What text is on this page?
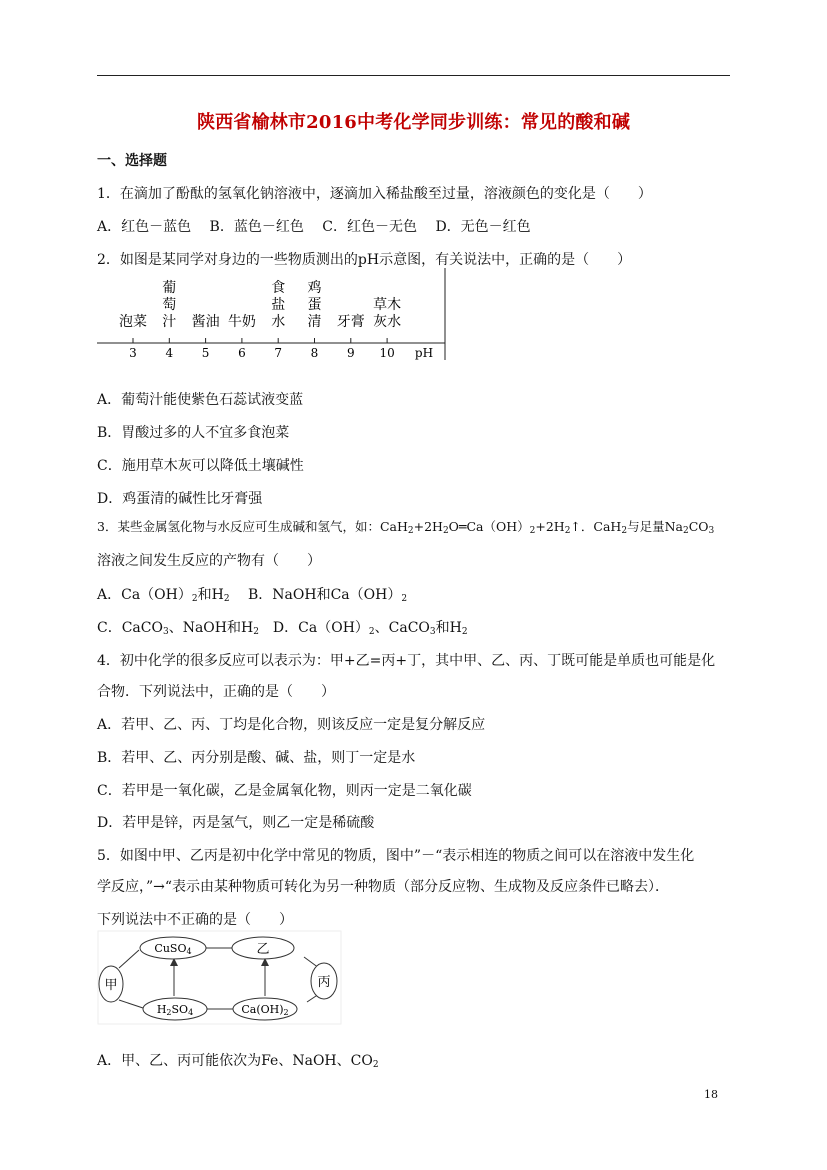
陕西省榆林市2016中考化学同步训练：常见的酸和碱
一、选择题
1．在滴加了酚酞的氢氧化钠溶液中，逐滴加入稀盐酸至过量，溶液颜色的变化是（　　）
A．红色－蓝色　 B．蓝色－红色　 C．红色－无色　 D．无色－红色
2．如图是某同学对身边的一些物质测出的pH示意图，有关说法中，正确的是（　　）
3 4 5 6 7 8 9 10
泡菜
葡
萄
汁 酱油 牛奶
食
盐
水
鸡
蛋
清 牙膏
草木
灰水
pH
A．葡萄汁能使紫色石蕊试液变蓝
B．胃酸过多的人不宜多食泡菜
C．施用草木灰可以降低土壤碱性
D．鸡蛋清的碱性比牙膏强
3．某些金属氢化物与水反应可生成碱和氢气，如：$CaH_2+2H_2O═Ca(OH)_2+2H_2↑$．CaH$_2$与足量$Na_2CO_3$
溶液之间发生反应的产物有（　　）
A．$Ca(OH)_2$和$H_2$　 B．NaOH和$Ca(OH)_2$
C．CaCO$_3$、NaOH和$H_2$　D．$Ca(OH)_2$、CaCO$_3$和$H_2$
4．初中化学的很多反应可以表示为：甲+乙=丙+丁，其中甲、乙、丙、丁既可能是单质也可能是化
合物．下列说法中，正确的是（　　）
A．若甲、乙、丙、丁均是化合物，则该反应一定是复分解反应
B．若甲、乙、丙分别是酸、碱、盐，则丁一定是水
C．若甲是一氧化碳，乙是金属氧化物，则丙一定是二氧化碳
D．若甲是锌，丙是氢气，则乙一定是稀硫酸
5．如图中甲、乙丙是初中化学中常见的物质，图中”－“表示相连的物质之间可以在溶液中发生化
学反应，”→“表示由某种物质可转化为另一种物质（部分反应物、生成物及反应条件已略去）．
下列说法中不正确的是（　　）
甲
CuSO4	乙
丙
H2SO4	Ca(OH)2
A．甲、乙、丙可能依次为Fe、NaOH、$CO_2$
18
